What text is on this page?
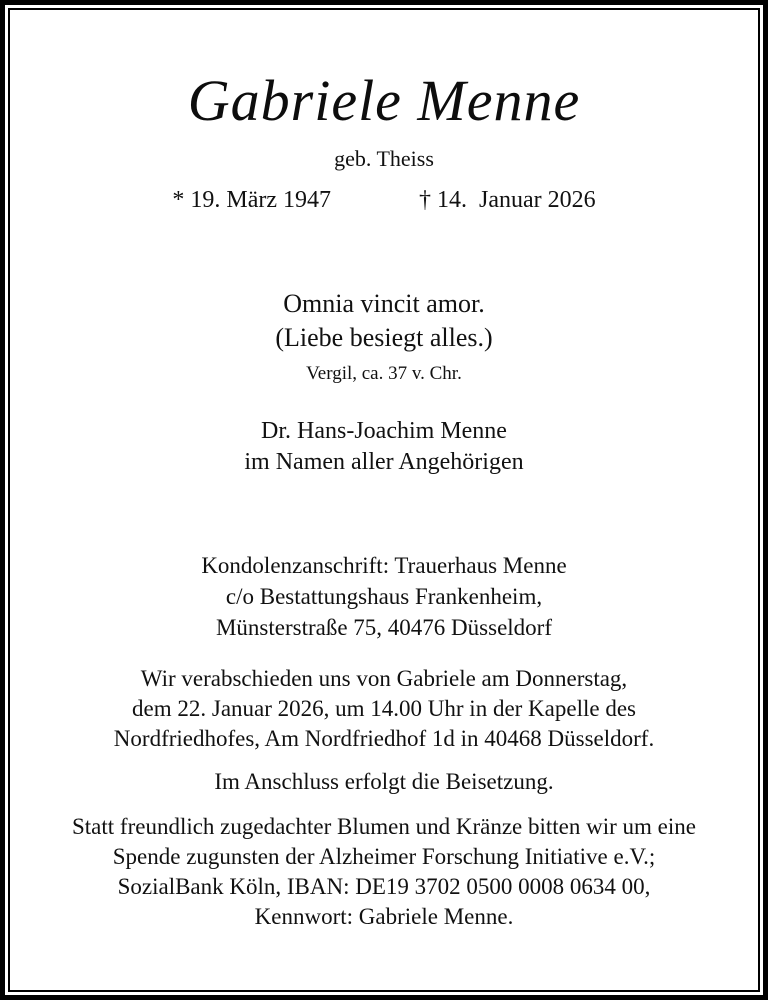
Gabriele Menne
geb. Theiss
* 19. März 1947	† 14.  Januar 2026
Omnia vincit amor.
(Liebe besiegt alles.)
Vergil, ca. 37 v. Chr.
Dr. Hans-Joachim Menne
im Namen aller Angehörigen
Kondolenzanschrift: Trauerhaus Menne
c/o Bestattungshaus Frankenheim,
Münsterstraße 75, 40476 Düsseldorf
Wir verabschieden uns von Gabriele am Donnerstag,
dem 22. Januar 2026, um 14.00 Uhr in der Kapelle des
Nordfriedhofes, Am Nordfriedhof 1d in 40468 Düsseldorf.
Im Anschluss erfolgt die Beisetzung.
Statt freundlich zugedachter Blumen und Kränze bitten wir um eine
Spende zugunsten der Alzheimer Forschung Initiative e.V.;
SozialBank Köln, IBAN: DE19 3702 0500 0008 0634 00,
Kennwort: Gabriele Menne.
